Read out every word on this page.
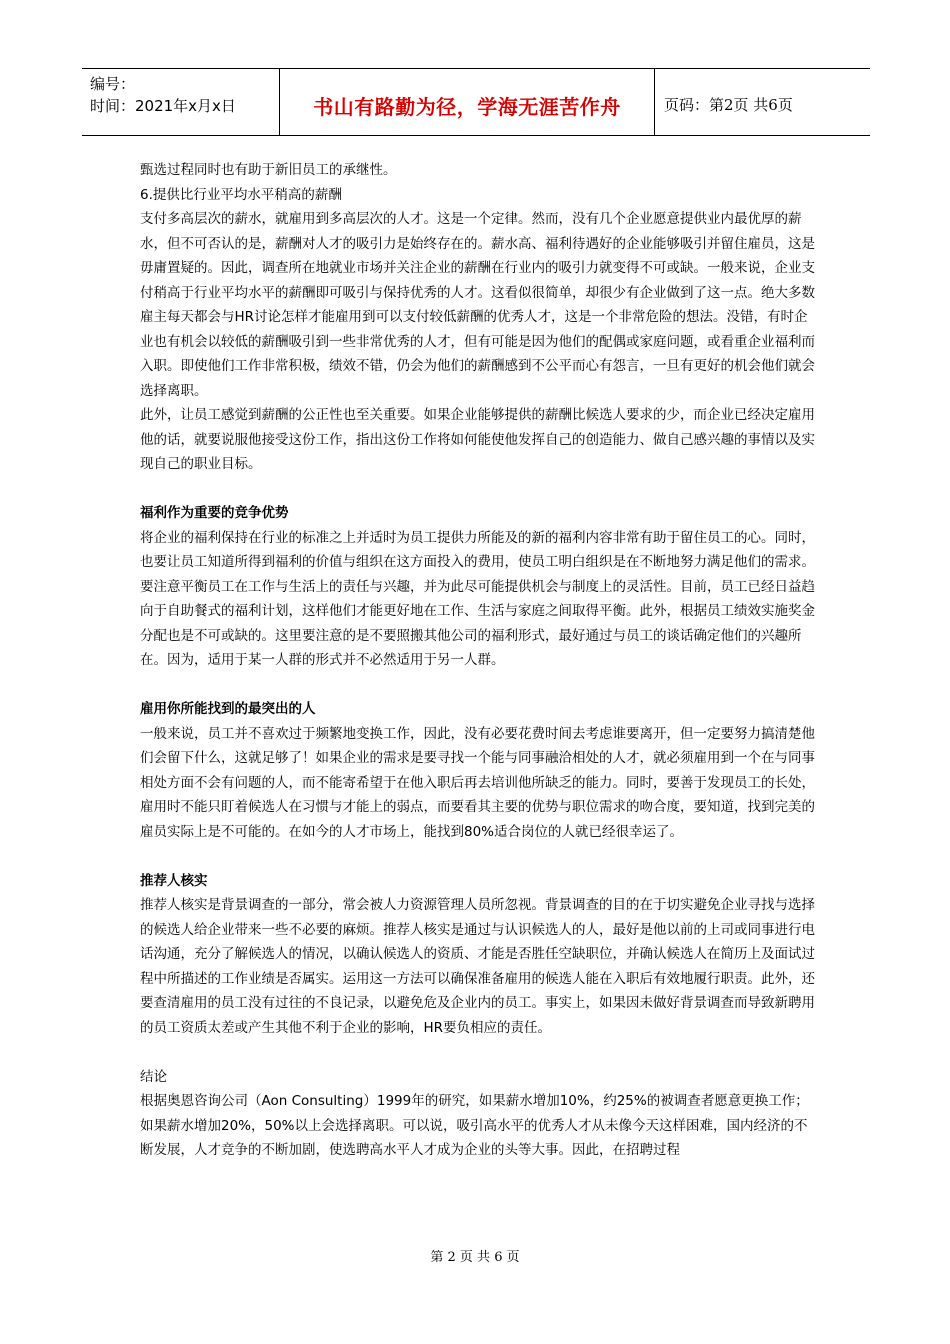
编号：
时间：2021年x月x日	书山有路勤为径，学海无涯苦作舟	页码：第2页 共6页

甄选过程同时也有助于新旧员工的承继性。

6.提供比行业平均水平稍高的薪酬

支付多高层次的薪水，就雇用到多高层次的人才。这是一个定律。然而，没有几个企业愿意提供业内最优厚的薪水，但不可否认的是，薪酬对人才的吸引力是始终存在的。薪水高、福利待遇好的企业能够吸引并留住雇员，这是毋庸置疑的。因此，调查所在地就业市场并关注企业的薪酬在行业内的吸引力就变得不可或缺。一般来说，企业支付稍高于行业平均水平的薪酬即可吸引与保持优秀的人才。这看似很简单，却很少有企业做到了这一点。绝大多数雇主每天都会与HR讨论怎样才能雇用到可以支付较低薪酬的优秀人才，这是一个非常危险的想法。没错，有时企业也有机会以较低的薪酬吸引到一些非常优秀的人才，但有可能是因为他们的配偶或家庭问题，或看重企业福利而入职。即使他们工作非常积极，绩效不错，仍会为他们的薪酬感到不公平而心有怨言，一旦有更好的机会他们就会选择离职。

此外，让员工感觉到薪酬的公正性也至关重要。如果企业能够提供的薪酬比候选人要求的少，而企业已经决定雇用他的话，就要说服他接受这份工作，指出这份工作将如何能使他发挥自己的创造能力、做自己感兴趣的事情以及实现自己的职业目标。

福利作为重要的竞争优势

将企业的福利保持在行业的标准之上并适时为员工提供力所能及的新的福利内容非常有助于留住员工的心。同时，也要让员工知道所得到福利的价值与组织在这方面投入的费用，使员工明白组织是在不断地努力满足他们的需求。要注意平衡员工在工作与生活上的责任与兴趣，并为此尽可能提供机会与制度上的灵活性。目前，员工已经日益趋向于自助餐式的福利计划，这样他们才能更好地在工作、生活与家庭之间取得平衡。此外，根据员工绩效实施奖金分配也是不可或缺的。这里要注意的是不要照搬其他公司的福利形式，最好通过与员工的谈话确定他们的兴趣所在。因为，适用于某一人群的形式并不必然适用于另一人群。

雇用你所能找到的最突出的人

一般来说，员工并不喜欢过于频繁地变换工作，因此，没有必要花费时间去考虑谁要离开，但一定要努力搞清楚他们会留下什么，这就足够了！如果企业的需求是要寻找一个能与同事融洽相处的人才，就必须雇用到一个在与同事相处方面不会有问题的人，而不能寄希望于在他入职后再去培训他所缺乏的能力。同时，要善于发现员工的长处，雇用时不能只盯着候选人在习惯与才能上的弱点，而要看其主要的优势与职位需求的吻合度，要知道，找到完美的雇员实际上是不可能的。在如今的人才市场上，能找到80%适合岗位的人就已经很幸运了。

推荐人核实

推荐人核实是背景调查的一部分，常会被人力资源管理人员所忽视。背景调查的目的在于切实避免企业寻找与选择的候选人给企业带来一些不必要的麻烦。推荐人核实是通过与认识候选人的人，最好是他以前的上司或同事进行电话沟通，充分了解候选人的情况，以确认候选人的资质、才能是否胜任空缺职位，并确认候选人在简历上及面试过程中所描述的工作业绩是否属实。运用这一方法可以确保准备雇用的候选人能在入职后有效地履行职责。此外，还要查清雇用的员工没有过往的不良记录，以避免危及企业内的员工。事实上，如果因未做好背景调查而导致新聘用的员工资质太差或产生其他不利于企业的影响，HR要负相应的责任。

结论

根据奥恩咨询公司（Aon Consulting）1999年的研究，如果薪水增加10%，约25%的被调查者愿意更换工作；如果薪水增加20%，50%以上会选择离职。可以说，吸引高水平的优秀人才从未像今天这样困难，国内经济的不断发展，人才竞争的不断加剧，使选聘高水平人才成为企业的头等大事。因此，在招聘过程

第 2 页 共 6 页
